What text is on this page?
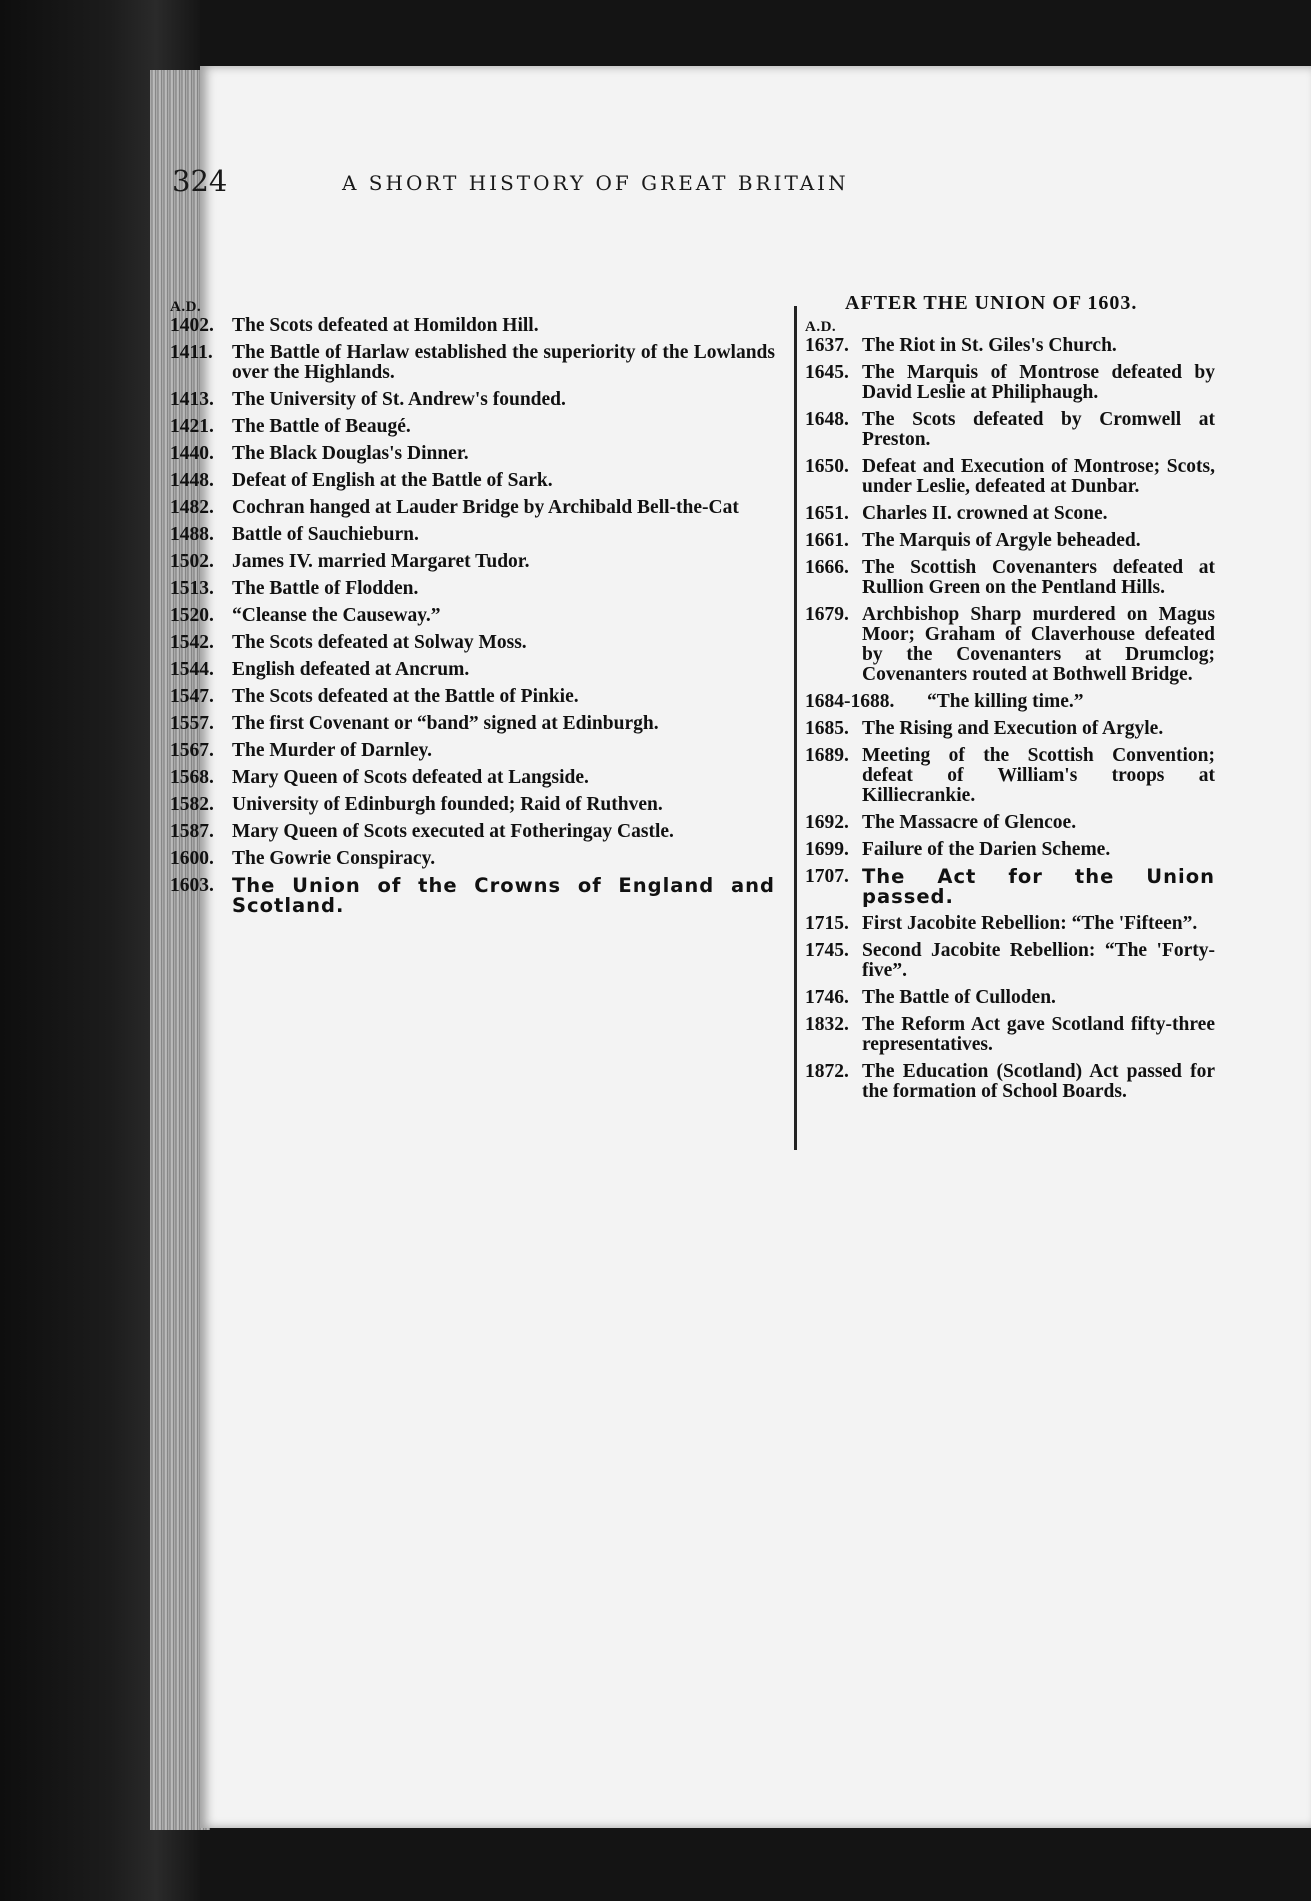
324	A SHORT HISTORY OF GREAT BRITAIN
AFTER THE UNION OF 1603.
A.D.
1402. The Scots defeated at Homildon Hill.
1411. The Battle of Harlaw established the superiority of the Lowlands over the Highlands.
1413. The University of St. Andrew's founded.
1421. The Battle of Beaugé.
1440. The Black Douglas's Dinner.
1448. Defeat of English at the Battle of Sark.
1482. Cochran hanged at Lauder Bridge by Archibald Bell-the-Cat
1488. Battle of Sauchieburn.
1502. James IV. married Margaret Tudor.
1513. The Battle of Flodden.
1520. “Cleanse the Causeway.”
1542. The Scots defeated at Solway Moss.
1544. English defeated at Ancrum.
1547. The Scots defeated at the Battle of Pinkie.
1557. The first Covenant or “band” signed at Edinburgh.
1567. The Murder of Darnley.
1568. Mary Queen of Scots defeated at Langside.
1582. University of Edinburgh founded; Raid of Ruthven.
1587. Mary Queen of Scots executed at Fotheringay Castle.
1600. The Gowrie Conspiracy.
1603. The Union of the Crowns of England and Scotland.
A.D.
1637. The Riot in St. Giles's Church.
1645. The Marquis of Montrose defeated by David Leslie at Philiphaugh.
1648. The Scots defeated by Cromwell at Preston.
1650. Defeat and Execution of Montrose; Scots, under Leslie, defeated at Dunbar.
1651. Charles II. crowned at Scone.
1661. The Marquis of Argyle beheaded.
1666. The Scottish Covenanters defeated at Rullion Green on the Pentland Hills.
1679. Archbishop Sharp murdered on Magus Moor; Graham of Claverhouse defeated by the Covenanters at Drumclog; Covenanters routed at Bothwell Bridge.
1684-1688.	“The killing time.”
1685. The Rising and Execution of Argyle.
1689. Meeting of the Scottish Convention; defeat of William's troops at Killiecrankie.
1692. The Massacre of Glencoe.
1699. Failure of the Darien Scheme.
1707. The Act for the Union passed.
1715. First Jacobite Rebellion: “The 'Fifteen”.
1745. Second Jacobite Rebellion: “The 'Forty-five”.
1746. The Battle of Culloden.
1832. The Reform Act gave Scotland fifty-three representatives.
1872. The Education (Scotland) Act passed for the formation of School Boards.
